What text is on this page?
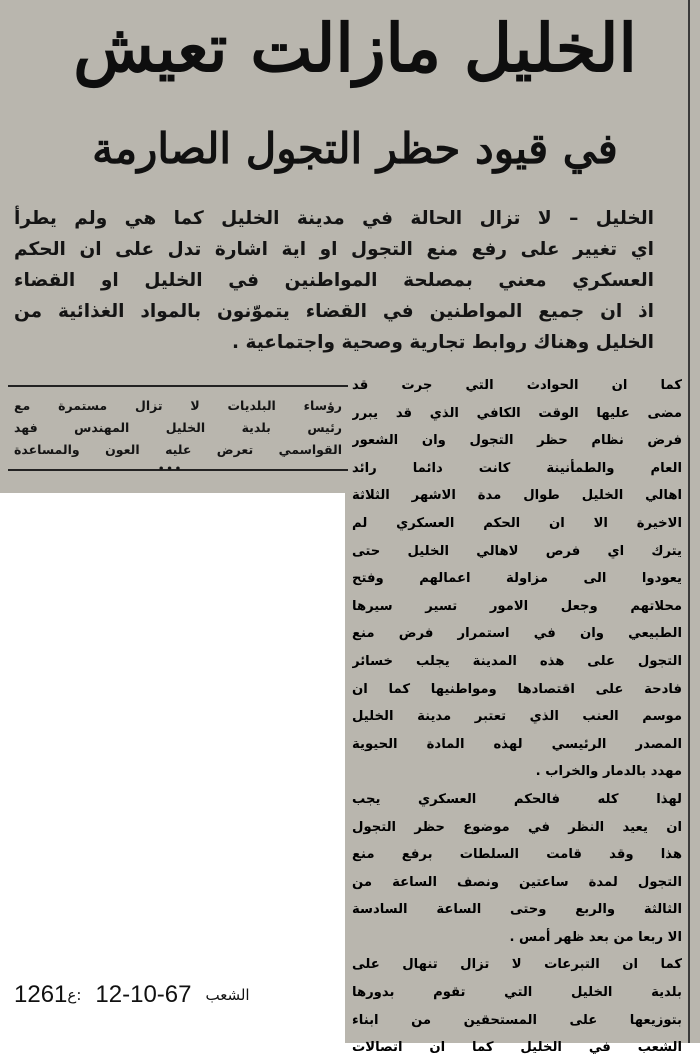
الخليل مازالت تعيش
في قيود حظر التجول الصارمة

الخليل – لا تزال الحالة في مدينة الخليل كما هي ولم يطرأ

اي تغيير على رفع منع التجول او اية اشارة تدل على ان الحكم

العسكري معني بمصلحة المواطنين في الخليل او القضاء

اذ ان جميع المواطنين في القضاء يتموّنون بالمواد الغذائية من

الخليل وهناك روابط تجارية وصحية واجتماعية .

رؤساء البلديات لا تزال مستمرة مع

رئيس بلدية الخليل المهندس فهد

القواسمي تعرض عليه العون والمساعدة

•••

كما ان الحوادث التي جرت قد

مضى عليها الوقت الكافي الذي قد يبرر

فرض نظام حظر التجول وان الشعور

العام والطمأنينة كانت دائما رائد

اهالي الخليل طوال مدة الاشهر الثلاثة

الاخيرة الا ان الحكم العسكري لم

يترك اي فرص لاهالي الخليل حتى

يعودوا الى مزاولة اعمالهم وفتح

محلاتهم وجعل الامور تسير سيرها

الطبيعي وان في استمرار فرض منع

التجول على هذه المدينة يجلب خسائر

فادحة على اقتصادها ومواطنيها كما ان

موسم العنب الذي تعتبر مدينة الخليل

المصدر الرئيسي لهذه المادة الحيوية

مهدد بالدمار والخراب .

لهذا كله فالحكم العسكري يجب

ان يعيد النظر في موضوع حظر التجول

هذا وقد قامت السلطات برفع منع

التجول لمدة ساعتين ونصف الساعة من

الثالثة والربع وحتى الساعة السادسة

الا ربعا من بعد ظهر أمس .

كما ان التبرعات لا تزال تنهال على

بلدية الخليل التي تقوم بدورها

بتوزيعها على المستحقين من ابناء

الشعب في الخليل كما ان اتصالات

1261 ع: 12-10-67 الشعب
